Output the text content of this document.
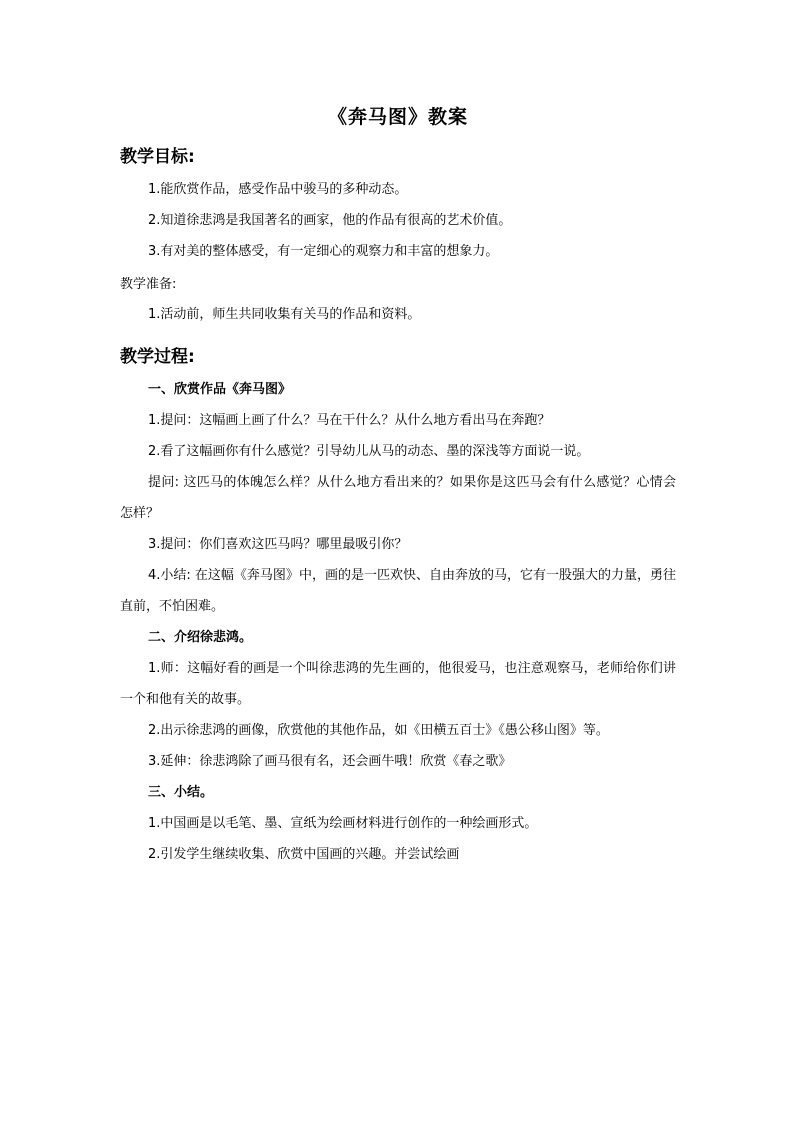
《奔马图》教案
教学目标:

1.能欣赏作品，感受作品中骏马的多种动态。

2.知道徐悲鸿是我国著名的画家，他的作品有很高的艺术价值。

3.有对美的整体感受，有一定细心的观察力和丰富的想象力。

教学准备:

1.活动前，师生共同收集有关马的作品和资料。

教学过程:

一、欣赏作品《奔马图》

1.提问：这幅画上画了什么？马在干什么？从什么地方看出马在奔跑？

2.看了这幅画你有什么感觉？引导幼儿从马的动态、墨的深浅等方面说一说。

提问: 这匹马的体魄怎么样？从什么地方看出来的？如果你是这匹马会有什么感觉？心情会怎样？

3.提问：你们喜欢这匹马吗？哪里最吸引你？

4.小结: 在这幅《奔马图》中，画的是一匹欢快、自由奔放的马，它有一股强大的力量，勇往直前，不怕困难。

二、介绍徐悲鸿。

1.师：这幅好看的画是一个叫徐悲鸿的先生画的，他很爱马，也注意观察马，老师给你们讲一个和他有关的故事。

2.出示徐悲鸿的画像，欣赏他的其他作品，如《田横五百士》《愚公移山图》等。

3.延伸：徐悲鸿除了画马很有名，还会画牛哦！欣赏《春之歌》

三、小结。

1.中国画是以毛笔、墨、宣纸为绘画材料进行创作的一种绘画形式。

2.引发学生继续收集、欣赏中国画的兴趣。并尝试绘画
